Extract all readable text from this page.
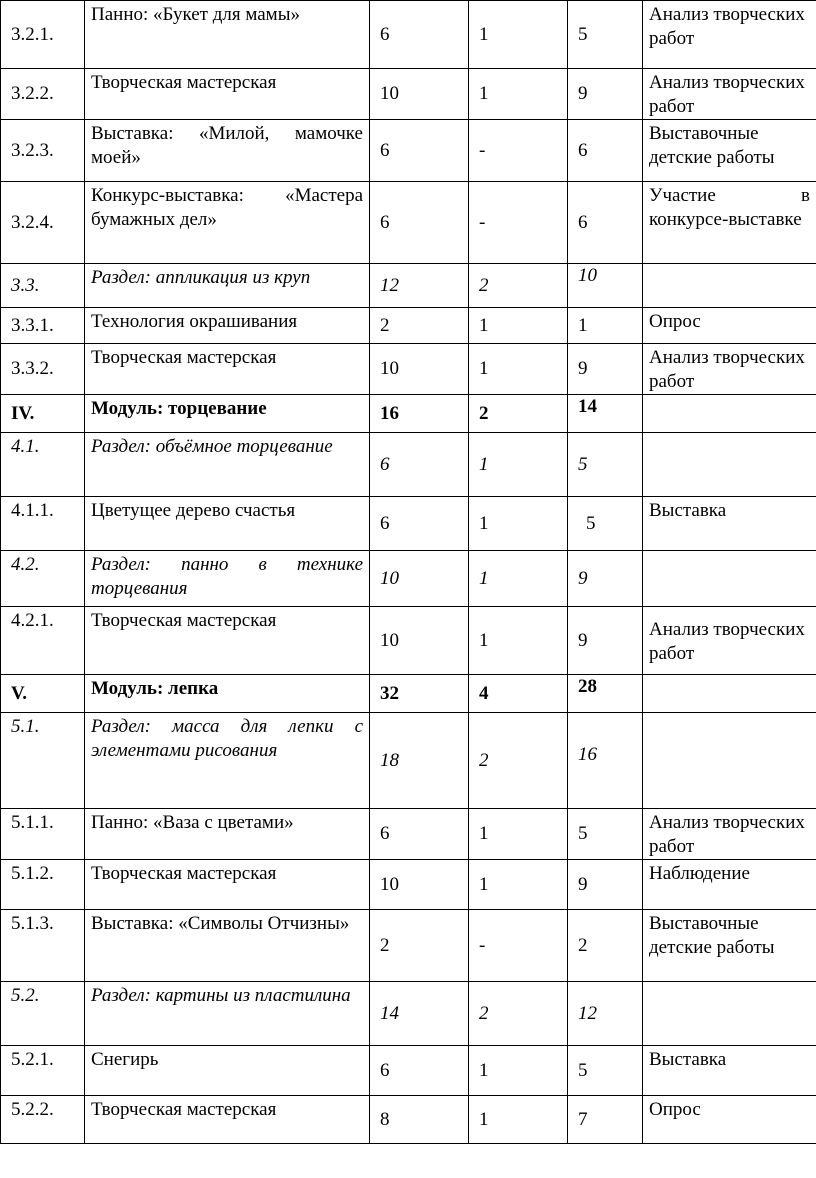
3.2.1.	Панно: «Букет для мамы»	6	1	5	Анализ творческих работ
3.2.2.	Творческая мастерская	10	1	9	Анализ творческих работ
3.2.3.	Выставка: «Милой, мамочке моей»	6	-	6	Выставочные детские работы
3.2.4.	Конкурс-выставка: «Мастера бумажных дел»	6	-	6	Участие в конкурсе-выставке
3.3.	Раздел: аппликация из круп	12	2	10	
3.3.1.	Технология окрашивания	2	1	1	Опрос
3.3.2.	Творческая мастерская	10	1	9	Анализ творческих работ
IV.	Модуль: торцевание	16	2	14	
4.1.	Раздел: объёмное торцевание	6	1	5	
4.1.1.	Цветущее дерево счастья	6	1	5	Выставка
4.2.	Раздел: панно в технике торцевания	10	1	9	
4.2.1.	Творческая мастерская	10	1	9	Анализ творческих работ
V.	Модуль: лепка	32	4	28	
5.1.	Раздел: масса для лепки с элементами рисования	18	2	16	
5.1.1.	Панно: «Ваза с цветами»	6	1	5	Анализ творческих работ
5.1.2.	Творческая мастерская	10	1	9	Наблюдение
5.1.3.	Выставка: «Символы Отчизны»	2	-	2	Выставочные детские работы
5.2.	Раздел: картины из пластилина	14	2	12	
5.2.1.	Снегирь	6	1	5	Выставка
5.2.2.	Творческая мастерская	8	1	7	Опрос
